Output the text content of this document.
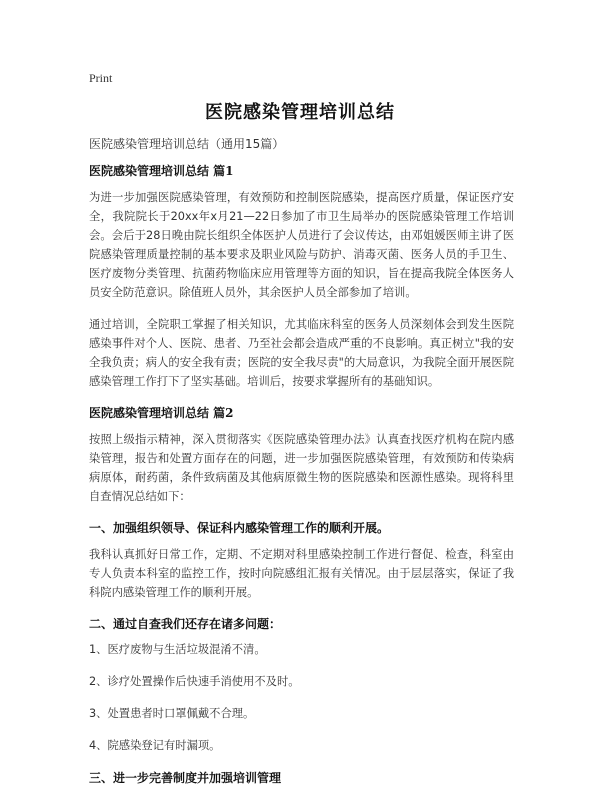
Print
医院感染管理培训总结
医院感染管理培训总结（通用15篇）
医院感染管理培训总结 篇1
为进一步加强医院感染管理，有效预防和控制医院感染，提高医疗质量，保证医疗安全，我院院长于20xx年x月21—22日参加了市卫生局举办的医院感染管理工作培训会。会后于28日晚由院长组织全体医护人员进行了会议传达，由邓姐媛医师主讲了医院感染管理质量控制的基本要求及职业风险与防护、消毒灭菌、医务人员的手卫生、医疗废物分类管理、抗菌药物临床应用管理等方面的知识，旨在提高我院全体医务人员安全防范意识。除值班人员外，其余医护人员全部参加了培训。
通过培训，全院职工掌握了相关知识，尤其临床科室的医务人员深刻体会到发生医院感染事件对个人、医院、患者、乃至社会都会造成严重的不良影响。真正树立"我的安全我负责；病人的安全我有责；医院的安全我尽责"的大局意识，为我院全面开展医院感染管理工作打下了坚实基础。培训后，按要求掌握所有的基础知识。
医院感染管理培训总结 篇2
按照上级指示精神，深入贯彻落实《医院感染管理办法》认真查找医疗机构在院内感染管理，报告和处置方面存在的问题，进一步加强医院感染管理，有效预防和传染病病原体，耐药菌，条件致病菌及其他病原微生物的医院感染和医源性感染。现将科里自查情况总结如下：
一、加强组织领导、保证科内感染管理工作的顺利开展。
我科认真抓好日常工作，定期、不定期对科里感染控制工作进行督促、检查，科室由专人负责本科室的监控工作，按时向院感组汇报有关情况。由于层层落实，保证了我科院内感染管理工作的顺利开展。
二、通过自查我们还存在诸多问题：
1、医疗废物与生活垃圾混淆不清。
2、诊疗处置操作后快速手消使用不及时。
3、处置患者时口罩佩戴不合理。
4、院感染登记有时漏项。
三、进一步完善制度并加强培训管理
